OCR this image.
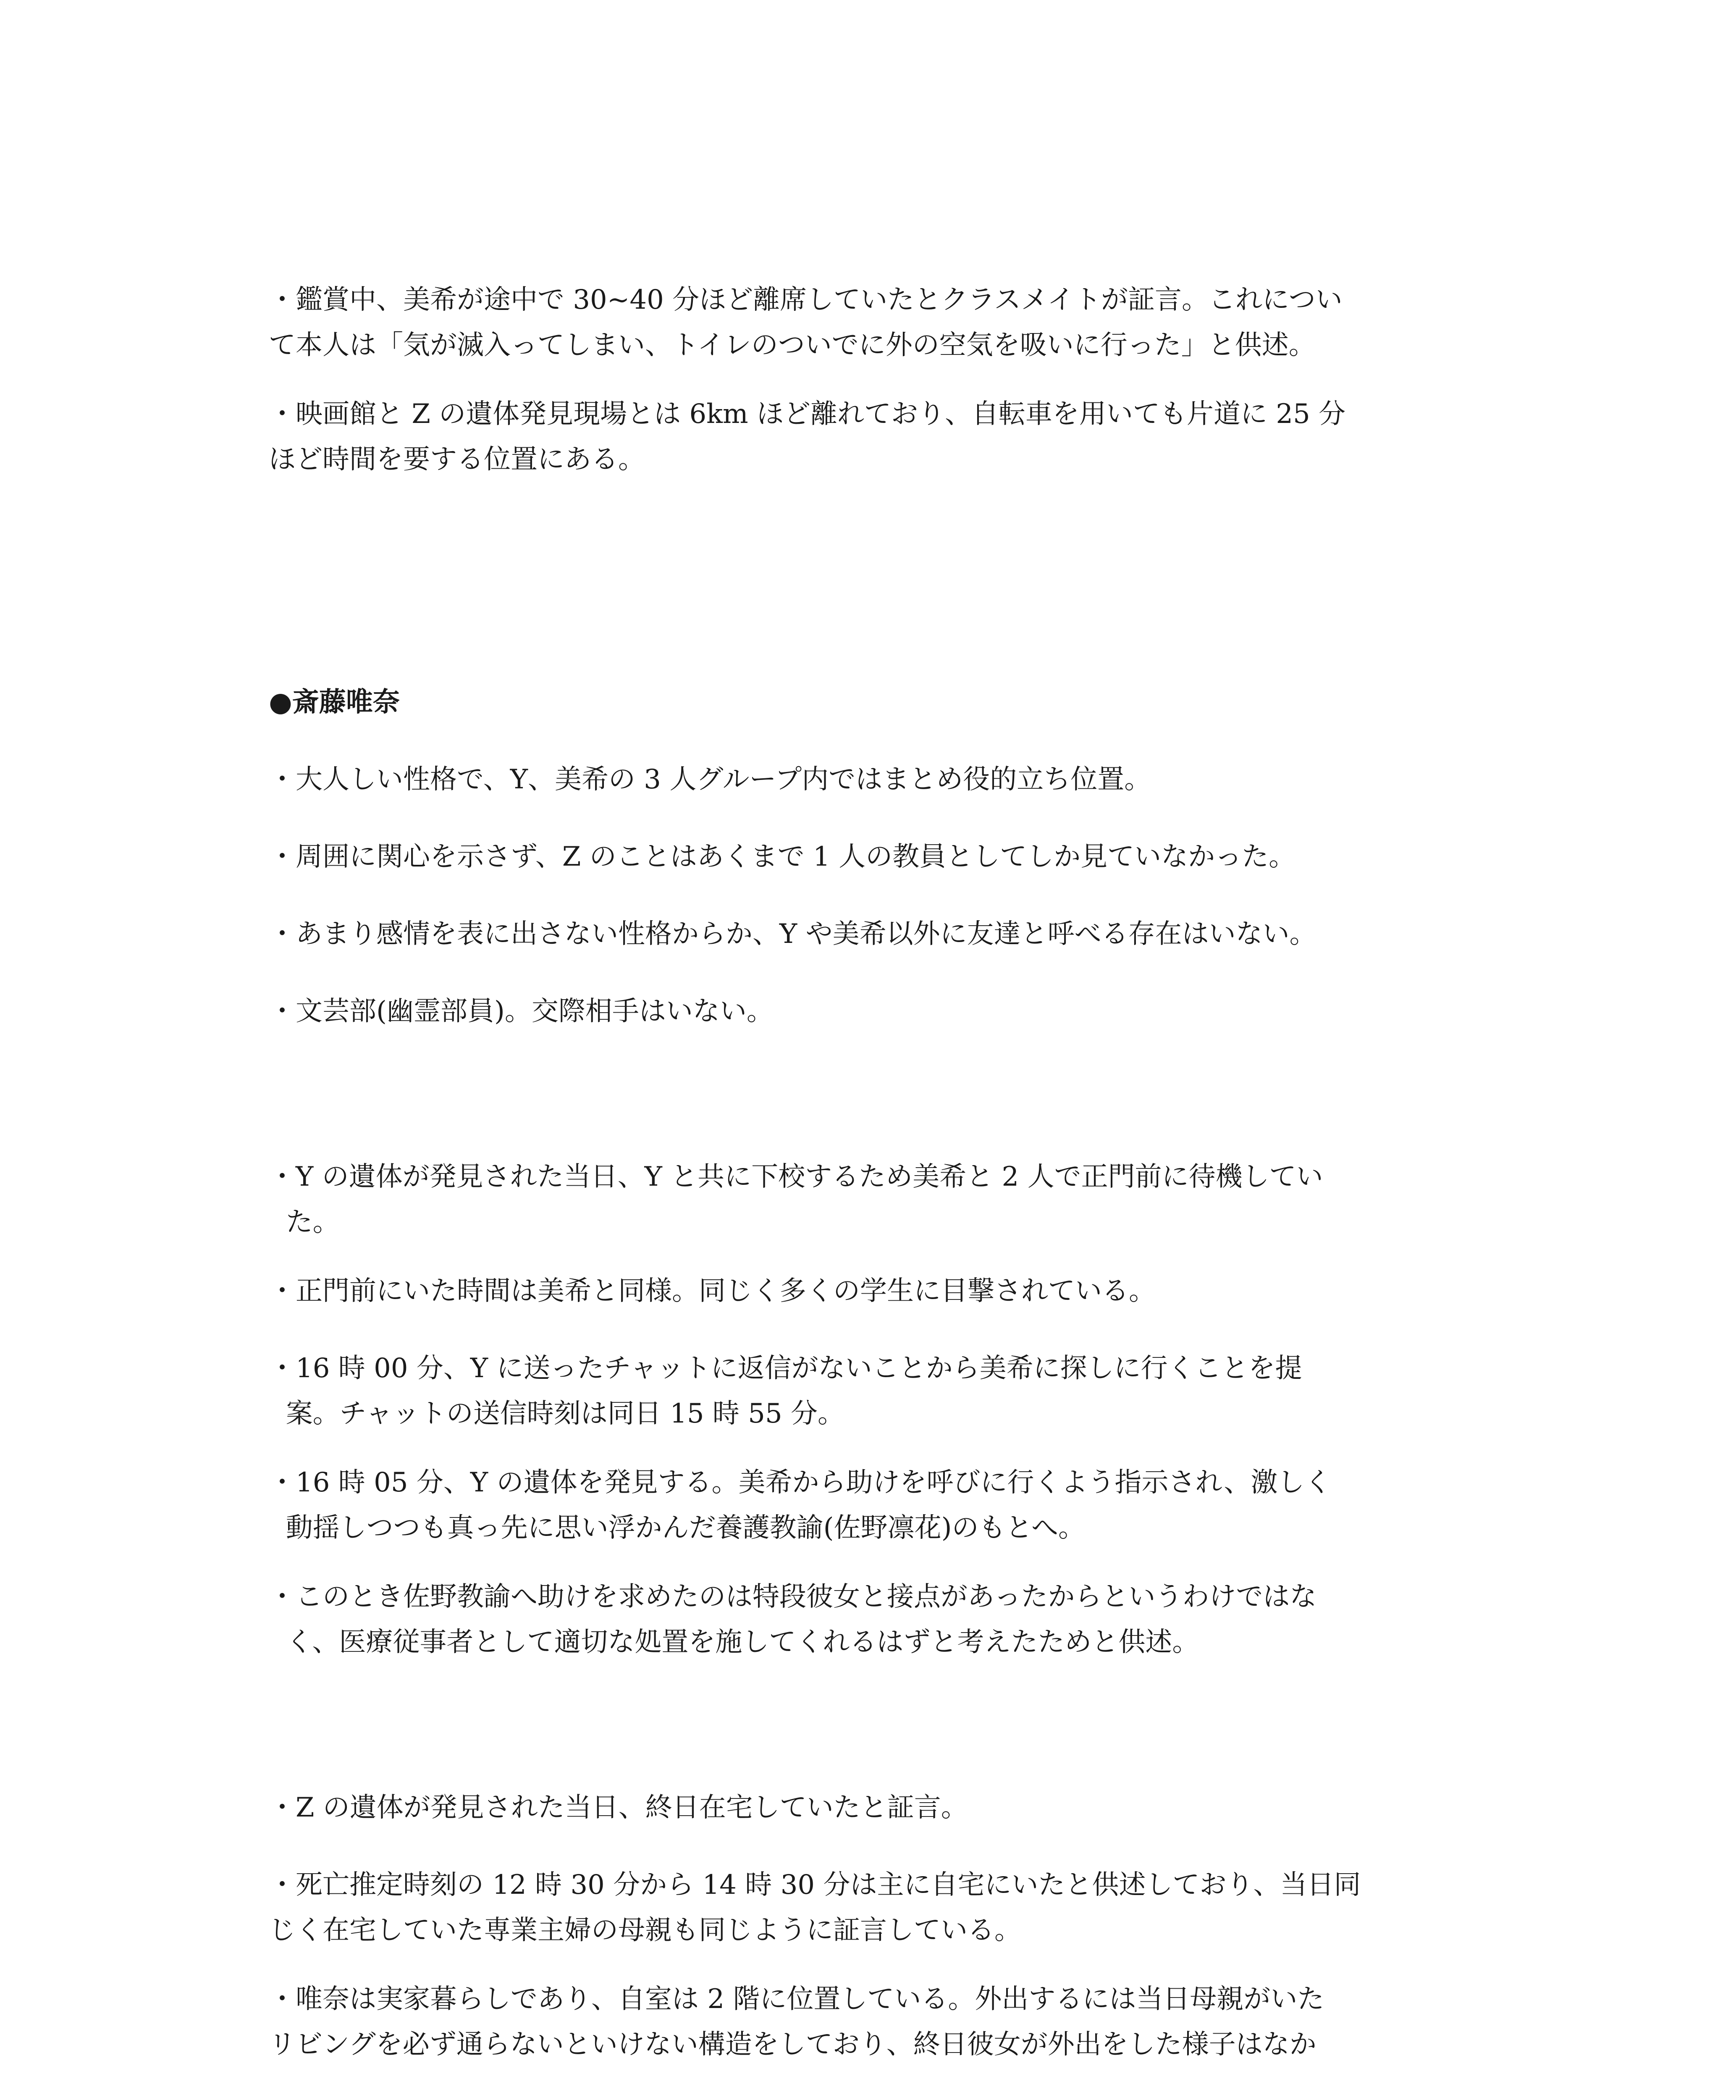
・鑑賞中、美希が途中で 30~40 分ほど離席していたとクラスメイトが証言。これについ
て本人は「気が滅入ってしまい、トイレのついでに外の空気を吸いに行った」と供述。

・映画館と Z の遺体発見現場とは 6km ほど離れており、自転車を用いても片道に 25 分
ほど時間を要する位置にある。

●斎藤唯奈

・大人しい性格で、Y、美希の 3 人グループ内ではまとめ役的立ち位置。

・周囲に関心を示さず、Z のことはあくまで 1 人の教員としてしか見ていなかった。

・あまり感情を表に出さない性格からか、Y や美希以外に友達と呼べる存在はいない。

・文芸部(幽霊部員)。交際相手はいない。

・Y の遺体が発見された当日、Y と共に下校するため美希と 2 人で正門前に待機してい
た。

・正門前にいた時間は美希と同様。同じく多くの学生に目撃されている。

・16 時 00 分、Y に送ったチャットに返信がないことから美希に探しに行くことを提
案。チャットの送信時刻は同日 15 時 55 分。

・16 時 05 分、Y の遺体を発見する。美希から助けを呼びに行くよう指示され、激しく
動揺しつつも真っ先に思い浮かんだ養護教諭(佐野凛花)のもとへ。

・このとき佐野教諭へ助けを求めたのは特段彼女と接点があったからというわけではな
く、医療従事者として適切な処置を施してくれるはずと考えたためと供述。

・Z の遺体が発見された当日、終日在宅していたと証言。

・死亡推定時刻の 12 時 30 分から 14 時 30 分は主に自宅にいたと供述しており、当日同
じく在宅していた専業主婦の母親も同じように証言している。

・唯奈は実家暮らしであり、自室は 2 階に位置している。外出するには当日母親がいた
リビングを必ず通らないといけない構造をしており、終日彼女が外出をした様子はなか
